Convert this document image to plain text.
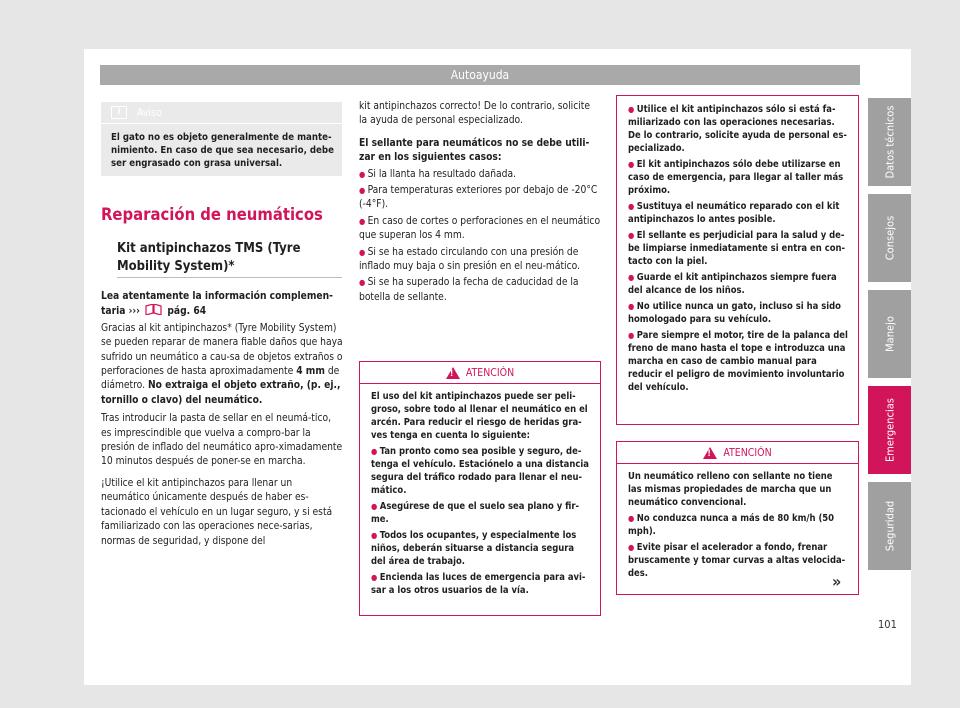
Autoayuda
i	Aviso
El gato no es objeto generalmente de mante-nimiento. En caso de que sea necesario, debe ser engrasado con grasa universal.
Reparación de neumáticos
Kit antipinchazos TMS (Tyre Mobility System)*

Lea atentamente la información complemen-taria ›››	pág. 64

Gracias al kit antipinchazos* (Tyre Mobility System) se pueden reparar de manera fiable daños que haya sufrido un neumático a cau-sa de objetos extraños o perforaciones de hasta aproximadamente 4 mm de diámetro. No extraiga el objeto extraño, (p. ej., tornillo o clavo) del neumático.

Tras introducir la pasta de sellar en el neumá-tico, es imprescindible que vuelva a compro-bar la presión de inflado del neumático apro-ximadamente 10 minutos después de poner-se en marcha.

¡Utilice el kit antipinchazos para llenar un neumático únicamente después de haber es-tacionado el vehículo en un lugar seguro, y si está familiarizado con las operaciones nece-sarias, normas de seguridad, y dispone del

kit antipinchazos correcto! De lo contrario, solicite la ayuda de personal especializado.

El sellante para neumáticos no se debe utili-zar en los siguientes casos:

● Si la llanta ha resultado dañada.

● Para temperaturas exteriores por debajo de -20°C (-4°F).

● En caso de cortes o perforaciones en el neumático que superan los 4 mm.

● Si se ha estado circulando con una presión de inflado muy baja o sin presión en el neu-mático.

● Si se ha superado la fecha de caducidad de la botella de sellante.

! ATENCIÓN

El uso del kit antipinchazos puede ser peli-groso, sobre todo al llenar el neumático en el arcén. Para reducir el riesgo de heridas gra-ves tenga en cuenta lo siguiente:

● Tan pronto como sea posible y seguro, de-tenga el vehículo. Estaciónelo a una distancia segura del tráfico rodado para llenar el neu-mático.

● Asegúrese de que el suelo sea plano y fir-me.

● Todos los ocupantes, y especialmente los niños, deberán situarse a distancia segura del área de trabajo.

● Encienda las luces de emergencia para avi-sar a los otros usuarios de la vía.

● Utilice el kit antipinchazos sólo si está fa-miliarizado con las operaciones necesarias. De lo contrario, solicite ayuda de personal es-pecializado.

● El kit antipinchazos sólo debe utilizarse en caso de emergencia, para llegar al taller más próximo.

● Sustituya el neumático reparado con el kit antipinchazos lo antes posible.

● El sellante es perjudicial para la salud y de-be limpiarse inmediatamente si entra en con-tacto con la piel.

● Guarde el kit antipinchazos siempre fuera del alcance de los niños.

● No utilice nunca un gato, incluso si ha sido homologado para su vehículo.

● Pare siempre el motor, tire de la palanca del freno de mano hasta el tope e introduzca una marcha en caso de cambio manual para reducir el peligro de movimiento involuntario del vehículo.

! ATENCIÓN

Un neumático relleno con sellante no tiene las mismas propiedades de marcha que un neumático convencional.

● No conduzca nunca a más de 80 km/h (50 mph).

● Evite pisar el acelerador a fondo, frenar bruscamente y tomar curvas a altas velocida-des.	»
Datos técnicos
Consejos
Manejo
Emergencias
Seguridad
101
